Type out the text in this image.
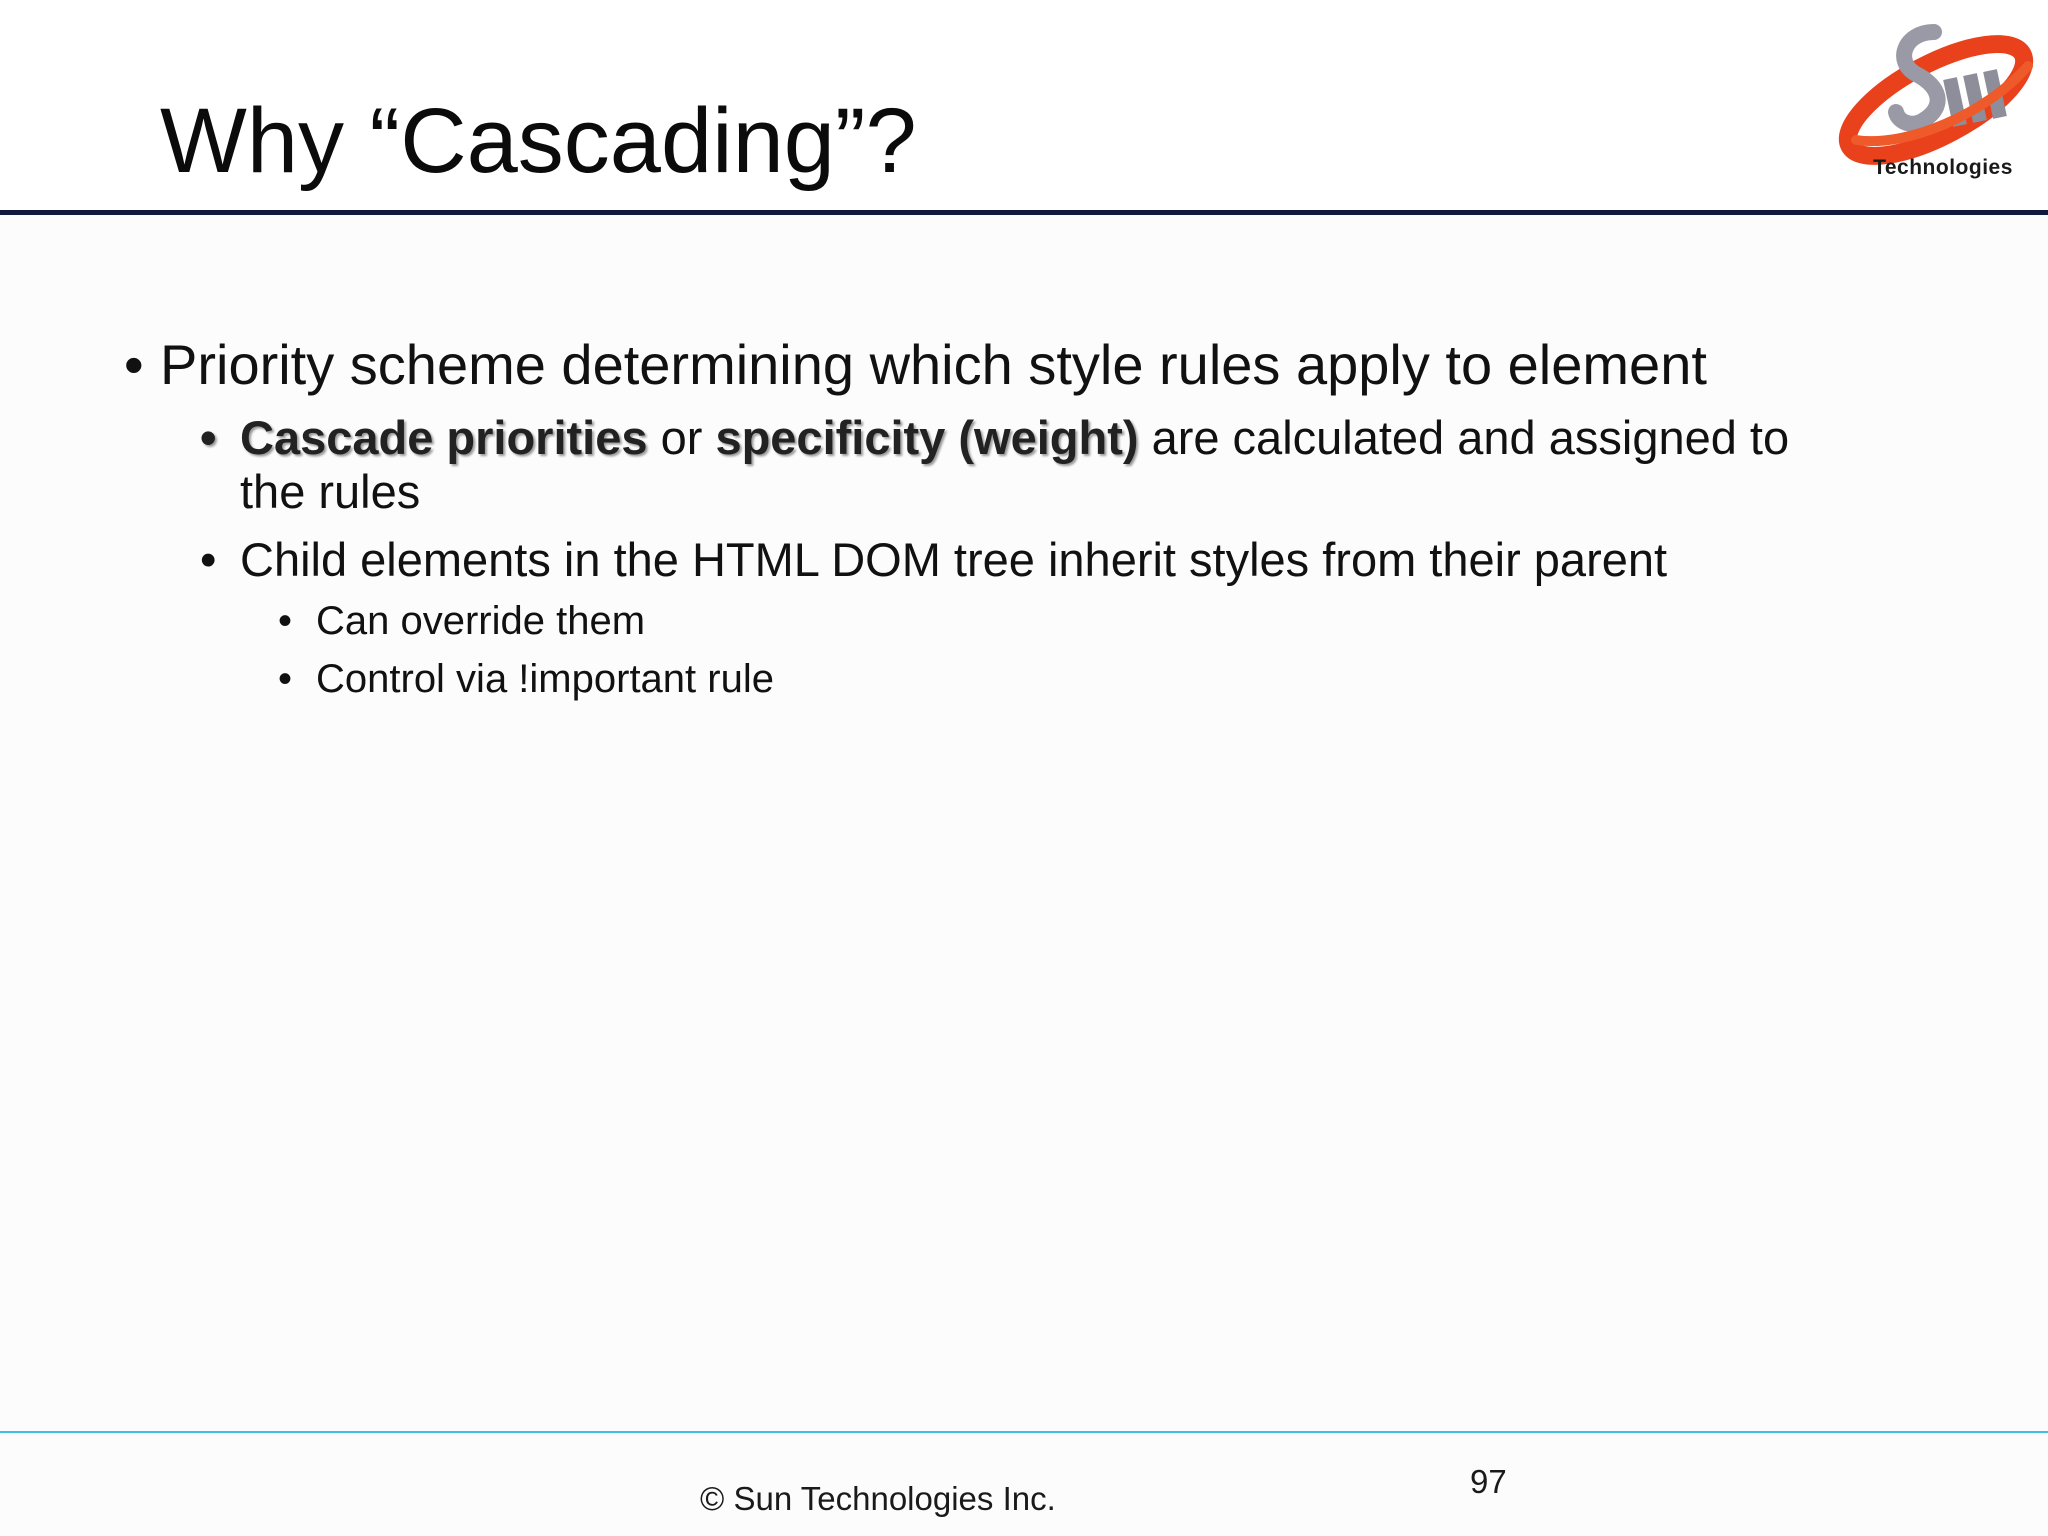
Why “Cascading”?	Technologies
• Priority scheme determining which style rules apply to element
• Cascade priorities or specificity (weight) are calculated and assigned to
the rules
• Child elements in the HTML DOM tree inherit styles from their parent
• Can override them
• Control via !important rule
© Sun Technologies Inc.	97
